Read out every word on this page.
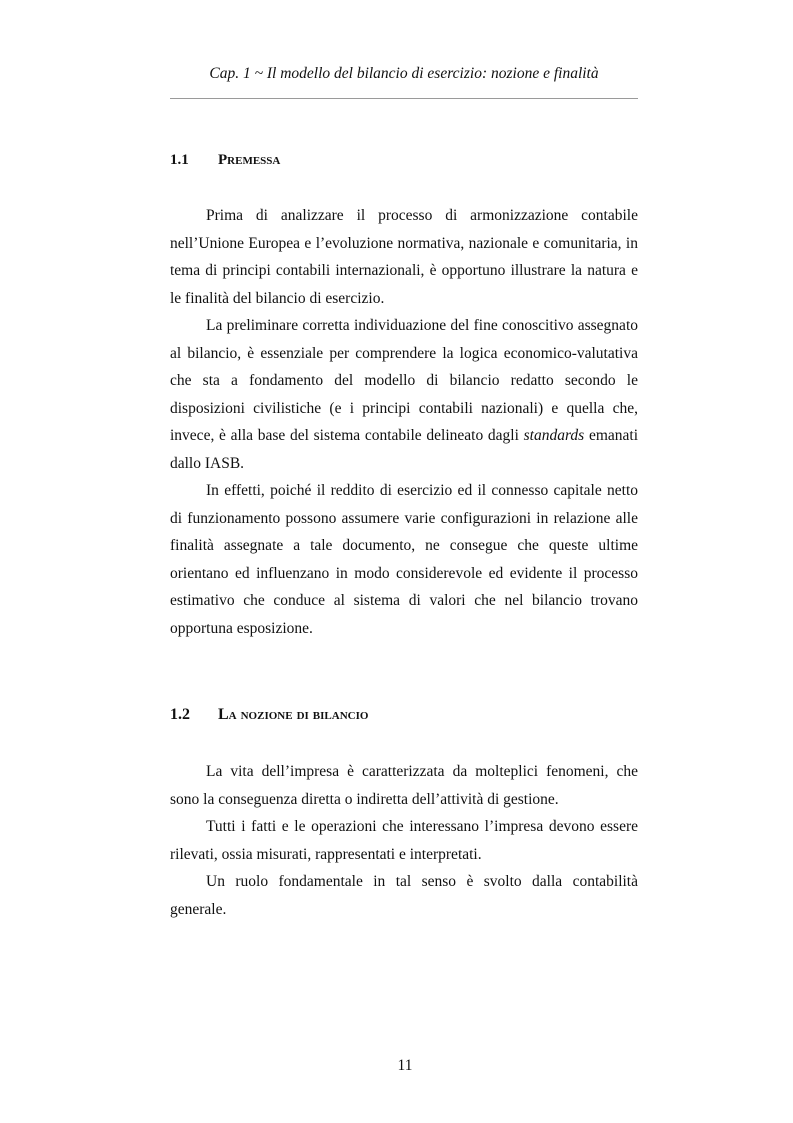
Cap. 1 ~ Il modello del bilancio di esercizio: nozione e finalità
1.1 Premessa

Prima di analizzare il processo di armonizzazione contabile nell’Unione Europea e l’evoluzione normativa, nazionale e comunitaria, in tema di principi contabili internazionali, è opportuno illustrare la natura e le finalità del bilancio di esercizio.

La preliminare corretta individuazione del fine conoscitivo assegnato al bilancio, è essenziale per comprendere la logica economico-valutativa che sta a fondamento del modello di bilancio redatto secondo le disposizioni civilistiche (e i principi contabili nazionali) e quella che, invece, è alla base del sistema contabile delineato dagli standards emanati dallo IASB.

In effetti, poiché il reddito di esercizio ed il connesso capitale netto di funzionamento possono assumere varie configurazioni in relazione alle finalità assegnate a tale documento, ne consegue che queste ultime orientano ed influenzano in modo considerevole ed evidente il processo estimativo che conduce al sistema di valori che nel bilancio trovano opportuna esposizione.

1.2 La nozione di bilancio

La vita dell’impresa è caratterizzata da molteplici fenomeni, che sono la conseguenza diretta o indiretta dell’attività di gestione.

Tutti i fatti e le operazioni che interessano l’impresa devono essere rilevati, ossia misurati, rappresentati e interpretati.

Un ruolo fondamentale in tal senso è svolto dalla contabilità generale.

11
